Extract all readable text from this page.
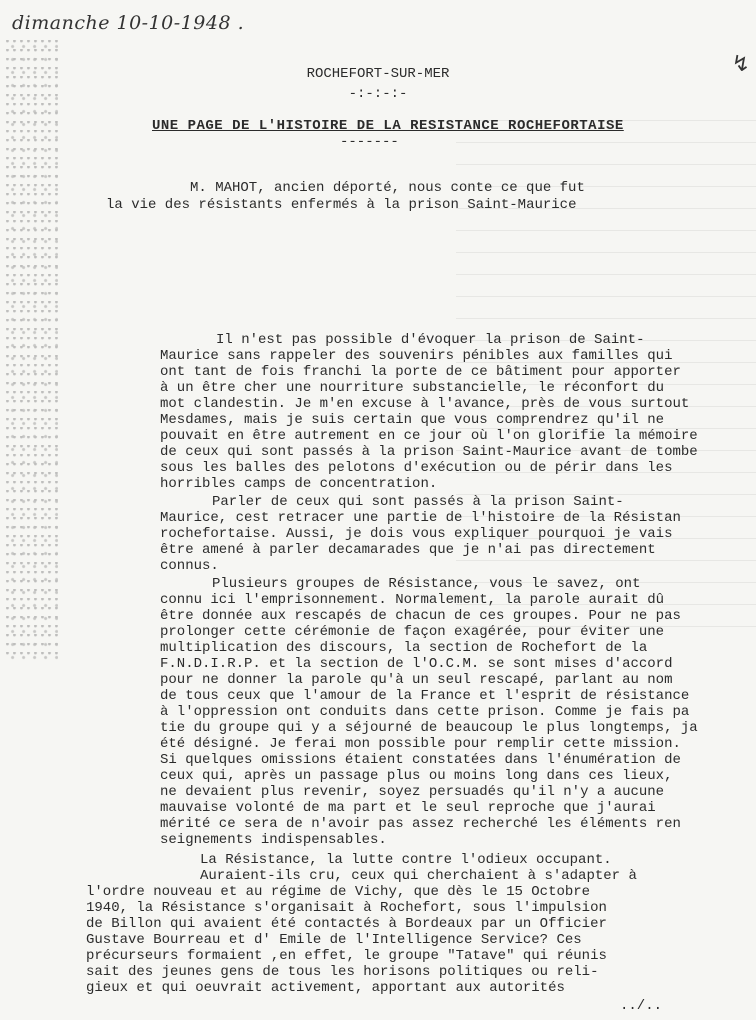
dimanche 10-10-1948 .
↯
ROCHEFORT-SUR-MER
-:-:-:-
UNE PAGE DE L'HISTOIRE DE LA RESISTANCE ROCHEFORTAISE
-------
M. MAHOT, ancien déporté, nous conte ce que fut
la vie des résistants enfermés à la prison Saint-Maurice
Il n'est pas possible d'évoquer la prison de Saint-
Maurice sans rappeler des souvenirs pénibles aux familles qui
ont tant de fois franchi la porte de ce bâtiment pour apporter
à un être cher une nourriture substancielle, le réconfort du
mot clandestin. Je m'en excuse à l'avance, près de vous surtout
Mesdames, mais je suis certain que vous comprendrez qu'il ne
pouvait en être autrement en ce jour où l'on glorifie la mémoire
de ceux qui sont passés à la prison Saint-Maurice avant de tombe
sous les balles des pelotons d'exécution ou de périr dans les
horribles camps de concentration.
Parler de ceux qui sont passés à la prison Saint-
Maurice, cest retracer une partie de l'histoire de la Résistan
rochefortaise. Aussi, je dois vous expliquer pourquoi je vais
être amené à parler decamarades que je n'ai pas directement
connus.
Plusieurs groupes de Résistance, vous le savez, ont
connu ici l'emprisonnement. Normalement, la parole aurait dû
être donnée aux rescapés de chacun de ces groupes. Pour ne pas
prolonger cette cérémonie de façon exagérée, pour éviter une
multiplication des discours, la section de Rochefort de la
F.N.D.I.R.P. et la section de l'O.C.M. se sont mises d'accord
pour ne donner la parole qu'à un seul rescapé, parlant au nom
de tous ceux que l'amour de la France et l'esprit de résistance
à l'oppression ont conduits dans cette prison. Comme je fais pa
tie du groupe qui y a séjourné de beaucoup le plus longtemps, ja
été désigné. Je ferai mon possible pour remplir cette mission.
Si quelques omissions étaient constatées dans l'énumération de
ceux qui, après un passage plus ou moins long dans ces lieux,
ne devaient plus revenir, soyez persuadés qu'il n'y a aucune
mauvaise volonté de ma part et le seul reproche que j'aurai
mérité ce sera de n'avoir pas assez recherché les éléments ren
seignements indispensables.
La Résistance, la lutte contre l'odieux occupant.
Auraient-ils cru, ceux qui cherchaient à s'adapter à
l'ordre nouveau et au régime de Vichy, que dès le 15 Octobre
1940, la Résistance s'organisait à Rochefort, sous l'impulsion
de Billon qui avaient été contactés à Bordeaux par un Officier
Gustave Bourreau et d' Emile de l'Intelligence Service? Ces
précurseurs formaient ,en effet, le groupe "Tatave" qui réunis
sait des jeunes gens de tous les horisons politiques ou reli-
gieux et qui oeuvrait activement, apportant aux autorités
../..
